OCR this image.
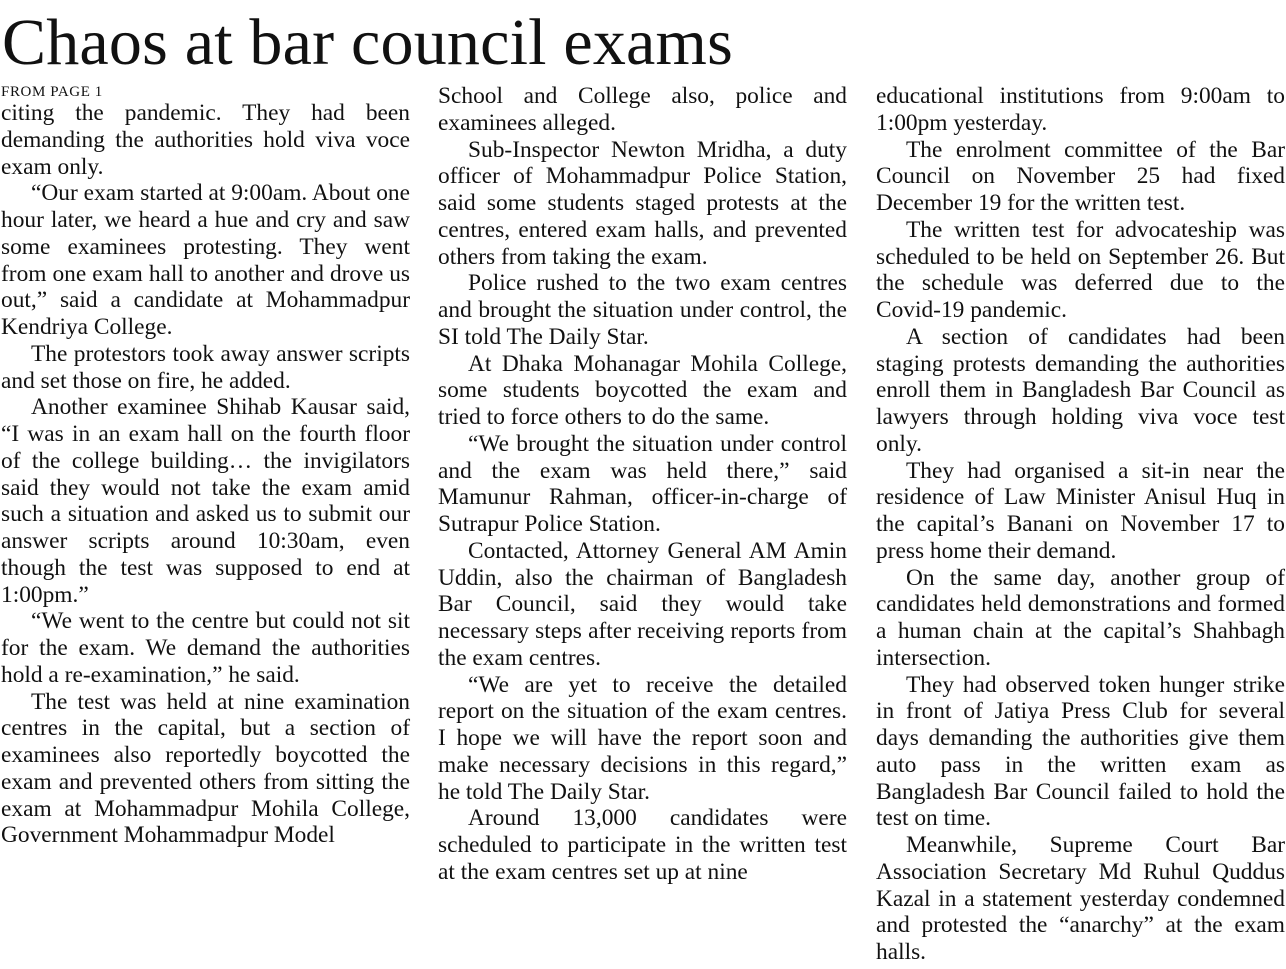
Chaos at bar council exams
FROM PAGE 1

citing the pandemic. They had been demanding the authorities hold viva voce exam only.

“Our exam started at 9:00am. About one hour later, we heard a hue and cry and saw some examinees protesting. They went from one exam hall to another and drove us out,” said a candidate at Mohammadpur Kendriya College.

The protestors took away answer scripts and set those on fire, he added.

Another examinee Shihab Kausar said, “I was in an exam hall on the fourth floor of the college building… the invigilators said they would not take the exam amid such a situation and asked us to submit our answer scripts around 10:30am, even though the test was supposed to end at 1:00pm.”

“We went to the centre but could not sit for the exam. We demand the authorities hold a re-examination,” he said.

The test was held at nine examination centres in the capital, but a section of examinees also reportedly boycotted the exam and prevented others from sitting the exam at Mohammadpur Mohila College, Government Mohammadpur Model

School and College also, police and examinees alleged.

Sub-Inspector Newton Mridha, a duty officer of Mohammadpur Police Station, said some students staged protests at the centres, entered exam halls, and prevented others from taking the exam.

Police rushed to the two exam centres and brought the situation under control, the SI told The Daily Star.

At Dhaka Mohanagar Mohila College, some students boycotted the exam and tried to force others to do the same.

“We brought the situation under control and the exam was held there,” said Mamunur Rahman, officer-in-charge of Sutrapur Police Station.

Contacted, Attorney General AM Amin Uddin, also the chairman of Bangladesh Bar Council, said they would take necessary steps after receiving reports from the exam centres.

“We are yet to receive the detailed report on the situation of the exam centres. I hope we will have the report soon and make necessary decisions in this regard,” he told The Daily Star.

Around 13,000 candidates were scheduled to participate in the written test at the exam centres set up at nine

educational institutions from 9:00am to 1:00pm yesterday.

The enrolment committee of the Bar Council on November 25 had fixed December 19 for the written test.

The written test for advocateship was scheduled to be held on September 26. But the schedule was deferred due to the Covid-19 pandemic.

A section of candidates had been staging protests demanding the authorities enroll them in Bangladesh Bar Council as lawyers through holding viva voce test only.

They had organised a sit-in near the residence of Law Minister Anisul Huq in the capital’s Banani on November 17 to press home their demand.

On the same day, another group of candidates held demonstrations and formed a human chain at the capital’s Shahbagh intersection.

They had observed token hunger strike in front of Jatiya Press Club for several days demanding the authorities give them auto pass in the written exam as Bangladesh Bar Council failed to hold the test on time.

Meanwhile, Supreme Court Bar Association Secretary Md Ruhul Quddus Kazal in a statement yesterday condemned and protested the “anarchy” at the exam halls.
